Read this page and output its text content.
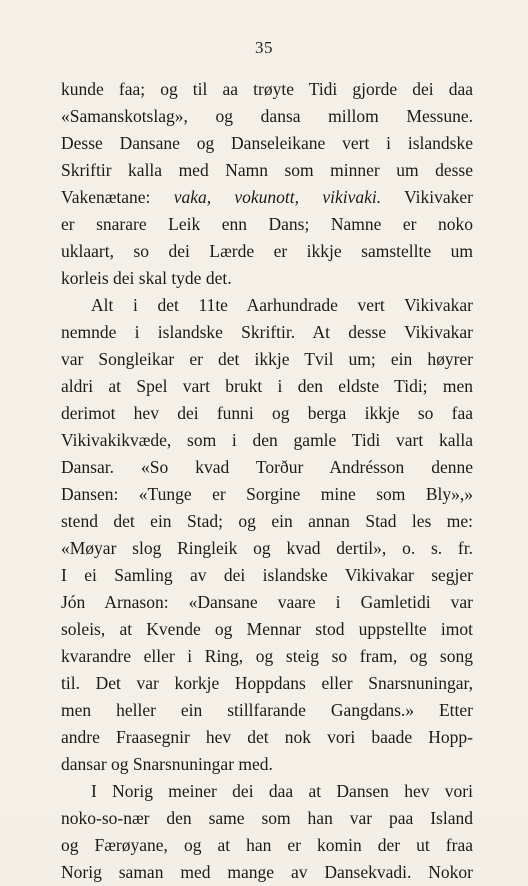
35
kunde faa; og til aa trøyte Tidi gjorde dei daa
«Samanskotslag», og dansa millom Messune.
Desse Dansane og Danseleikane vert i islandske
Skriftir kalla med Namn som minner um desse
Vakenætane: vaka, vokunott, vikivaki. Vikivaker
er snarare Leik enn Dans; Namne er noko
uklaart, so dei Lærde er ikkje samstellte um
korleis dei skal tyde det.
Alt i det 11te Aarhundrade vert Vikivakar
nemnde i islandske Skriftir. At desse Vikivakar
var Songleikar er det ikkje Tvil um; ein høyrer
aldri at Spel vart brukt i den eldste Tidi; men
derimot hev dei funni og berga ikkje so faa
Vikivakikvæde, som i den gamle Tidi vart kalla
Dansar. «So kvad Torður Andrésson denne
Dansen: «Tunge er Sorgine mine som Bly»,»
stend det ein Stad; og ein annan Stad les me:
«Møyar slog Ringleik og kvad dertil», o. s. fr.
I ei Samling av dei islandske Vikivakar segjer
Jón Arnason: «Dansane vaare i Gamletidi var
soleis, at Kvende og Mennar stod uppstellte imot
kvarandre eller i Ring, og steig so fram, og song
til. Det var korkje Hoppdans eller Snarsnuningar,
men heller ein stillfarande Gangdans.» Etter
andre Fraasegnir hev det nok vori baade Hopp-
dansar og Snarsnuningar med.
I Norig meiner dei daa at Dansen hev vori
noko-so-nær den same som han var paa Island
og Færøyane, og at han er komin der ut fraa
Norig saman med mange av Dansekvadi. Nokor
